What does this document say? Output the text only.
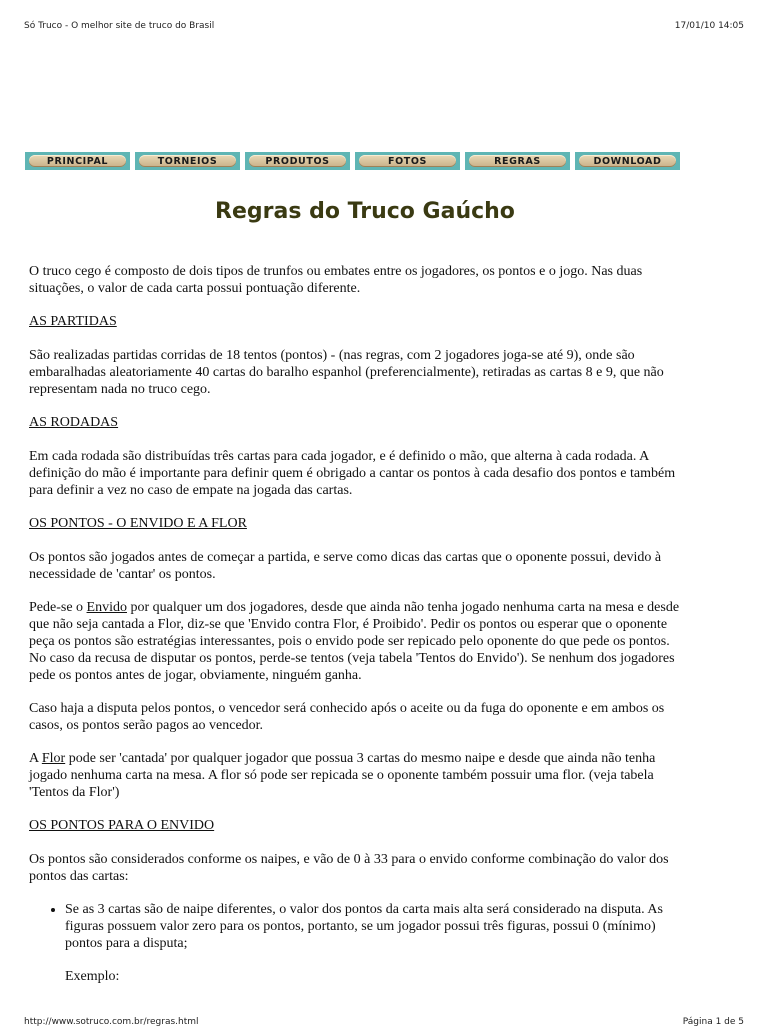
Só Truco - O melhor site de truco do Brasil	17/01/10 14:05
PRINCIPAL	TORNEIOS	PRODUTOS	FOTOS	REGRAS	DOWNLOAD
Regras do Truco Gaúcho

O truco cego é composto de dois tipos de trunfos ou embates entre os jogadores, os pontos e o jogo. Nas duas situações, o valor de cada carta possui pontuação diferente.

AS PARTIDAS

São realizadas partidas corridas de 18 tentos (pontos) - (nas regras, com 2 jogadores joga-se até 9), onde são embaralhadas aleatoriamente 40 cartas do baralho espanhol (preferencialmente), retiradas as cartas 8 e 9, que não representam nada no truco cego.

AS RODADAS

Em cada rodada são distribuídas três cartas para cada jogador, e é definido o mão, que alterna à cada rodada. A definição do mão é importante para definir quem é obrigado a cantar os pontos à cada desafio dos pontos e também para definir a vez no caso de empate na jogada das cartas.

OS PONTOS - O ENVIDO E A FLOR

Os pontos são jogados antes de começar a partida, e serve como dicas das cartas que o oponente possui, devido à necessidade de 'cantar' os pontos.

Pede-se o Envido por qualquer um dos jogadores, desde que ainda não tenha jogado nenhuma carta na mesa e desde que não seja cantada a Flor, diz-se que 'Envido contra Flor, é Proibido'. Pedir os pontos ou esperar que o oponente peça os pontos são estratégias interessantes, pois o envido pode ser repicado pelo oponente do que pede os pontos. No caso da recusa de disputar os pontos, perde-se tentos (veja tabela 'Tentos do Envido'). Se nenhum dos jogadores pede os pontos antes de jogar, obviamente, ninguém ganha.

Caso haja a disputa pelos pontos, o vencedor será conhecido após o aceite ou da fuga do oponente e em ambos os casos, os pontos serão pagos ao vencedor.

A Flor pode ser 'cantada' por qualquer jogador que possua 3 cartas do mesmo naipe e desde que ainda não tenha jogado nenhuma carta na mesa. A flor só pode ser repicada se o oponente também possuir uma flor. (veja tabela 'Tentos da Flor')

OS PONTOS PARA O ENVIDO

Os pontos são considerados conforme os naipes, e vão de 0 à 33 para o envido conforme combinação do valor dos pontos das cartas:

• Se as 3 cartas são de naipe diferentes, o valor dos pontos da carta mais alta será considerado na disputa. As figuras possuem valor zero para os pontos, portanto, se um jogador possui três figuras, possui 0 (mínimo) pontos para a disputa;
Exemplo:
http://www.sotruco.com.br/regras.html	Página 1 de 5
